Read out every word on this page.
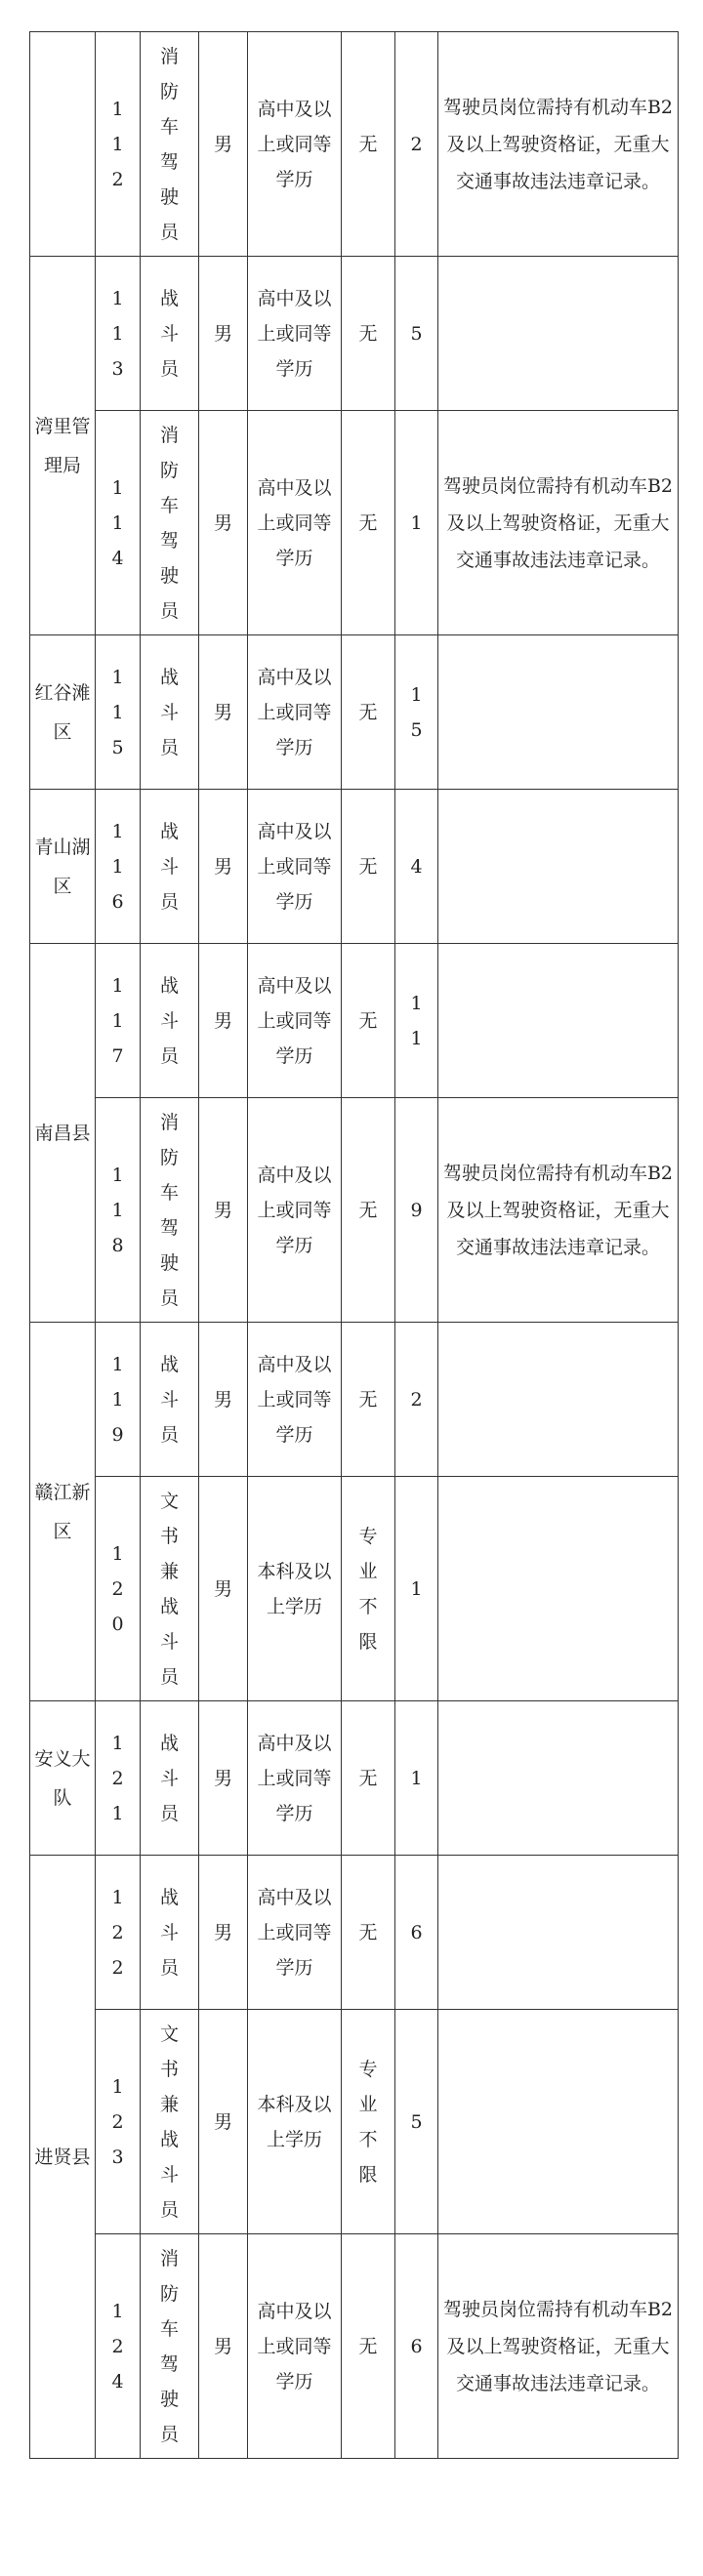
	112	消防车驾驶员	男	高中及以上或同等学历	无	2	驾驶员岗位需持有机动车B2及以上驾驶资格证，无重大交通事故违法违章记录。

湾里管理局	113	战斗员	男	高中及以上或同等学历	无	5	

	114	消防车驾驶员	男	高中及以上或同等学历	无	1	驾驶员岗位需持有机动车B2及以上驾驶资格证，无重大交通事故违法违章记录。

红谷滩区	115	战斗员	男	高中及以上或同等学历	无	15	

青山湖区	116	战斗员	男	高中及以上或同等学历	无	4	

南昌县	117	战斗员	男	高中及以上或同等学历	无	11	

	118	消防车驾驶员	男	高中及以上或同等学历	无	9	驾驶员岗位需持有机动车B2及以上驾驶资格证，无重大交通事故违法违章记录。

赣江新区	119	战斗员	男	高中及以上或同等学历	无	2	

	120	文书兼战斗员	男	本科及以上学历	专业不限	1	

安义大队	121	战斗员	男	高中及以上或同等学历	无	1	

进贤县	122	战斗员	男	高中及以上或同等学历	无	6	

	123	文书兼战斗员	男	本科及以上学历	专业不限	5	

	124	消防车驾驶员	男	高中及以上或同等学历	无	6	驾驶员岗位需持有机动车B2及以上驾驶资格证，无重大交通事故违法违章记录。
